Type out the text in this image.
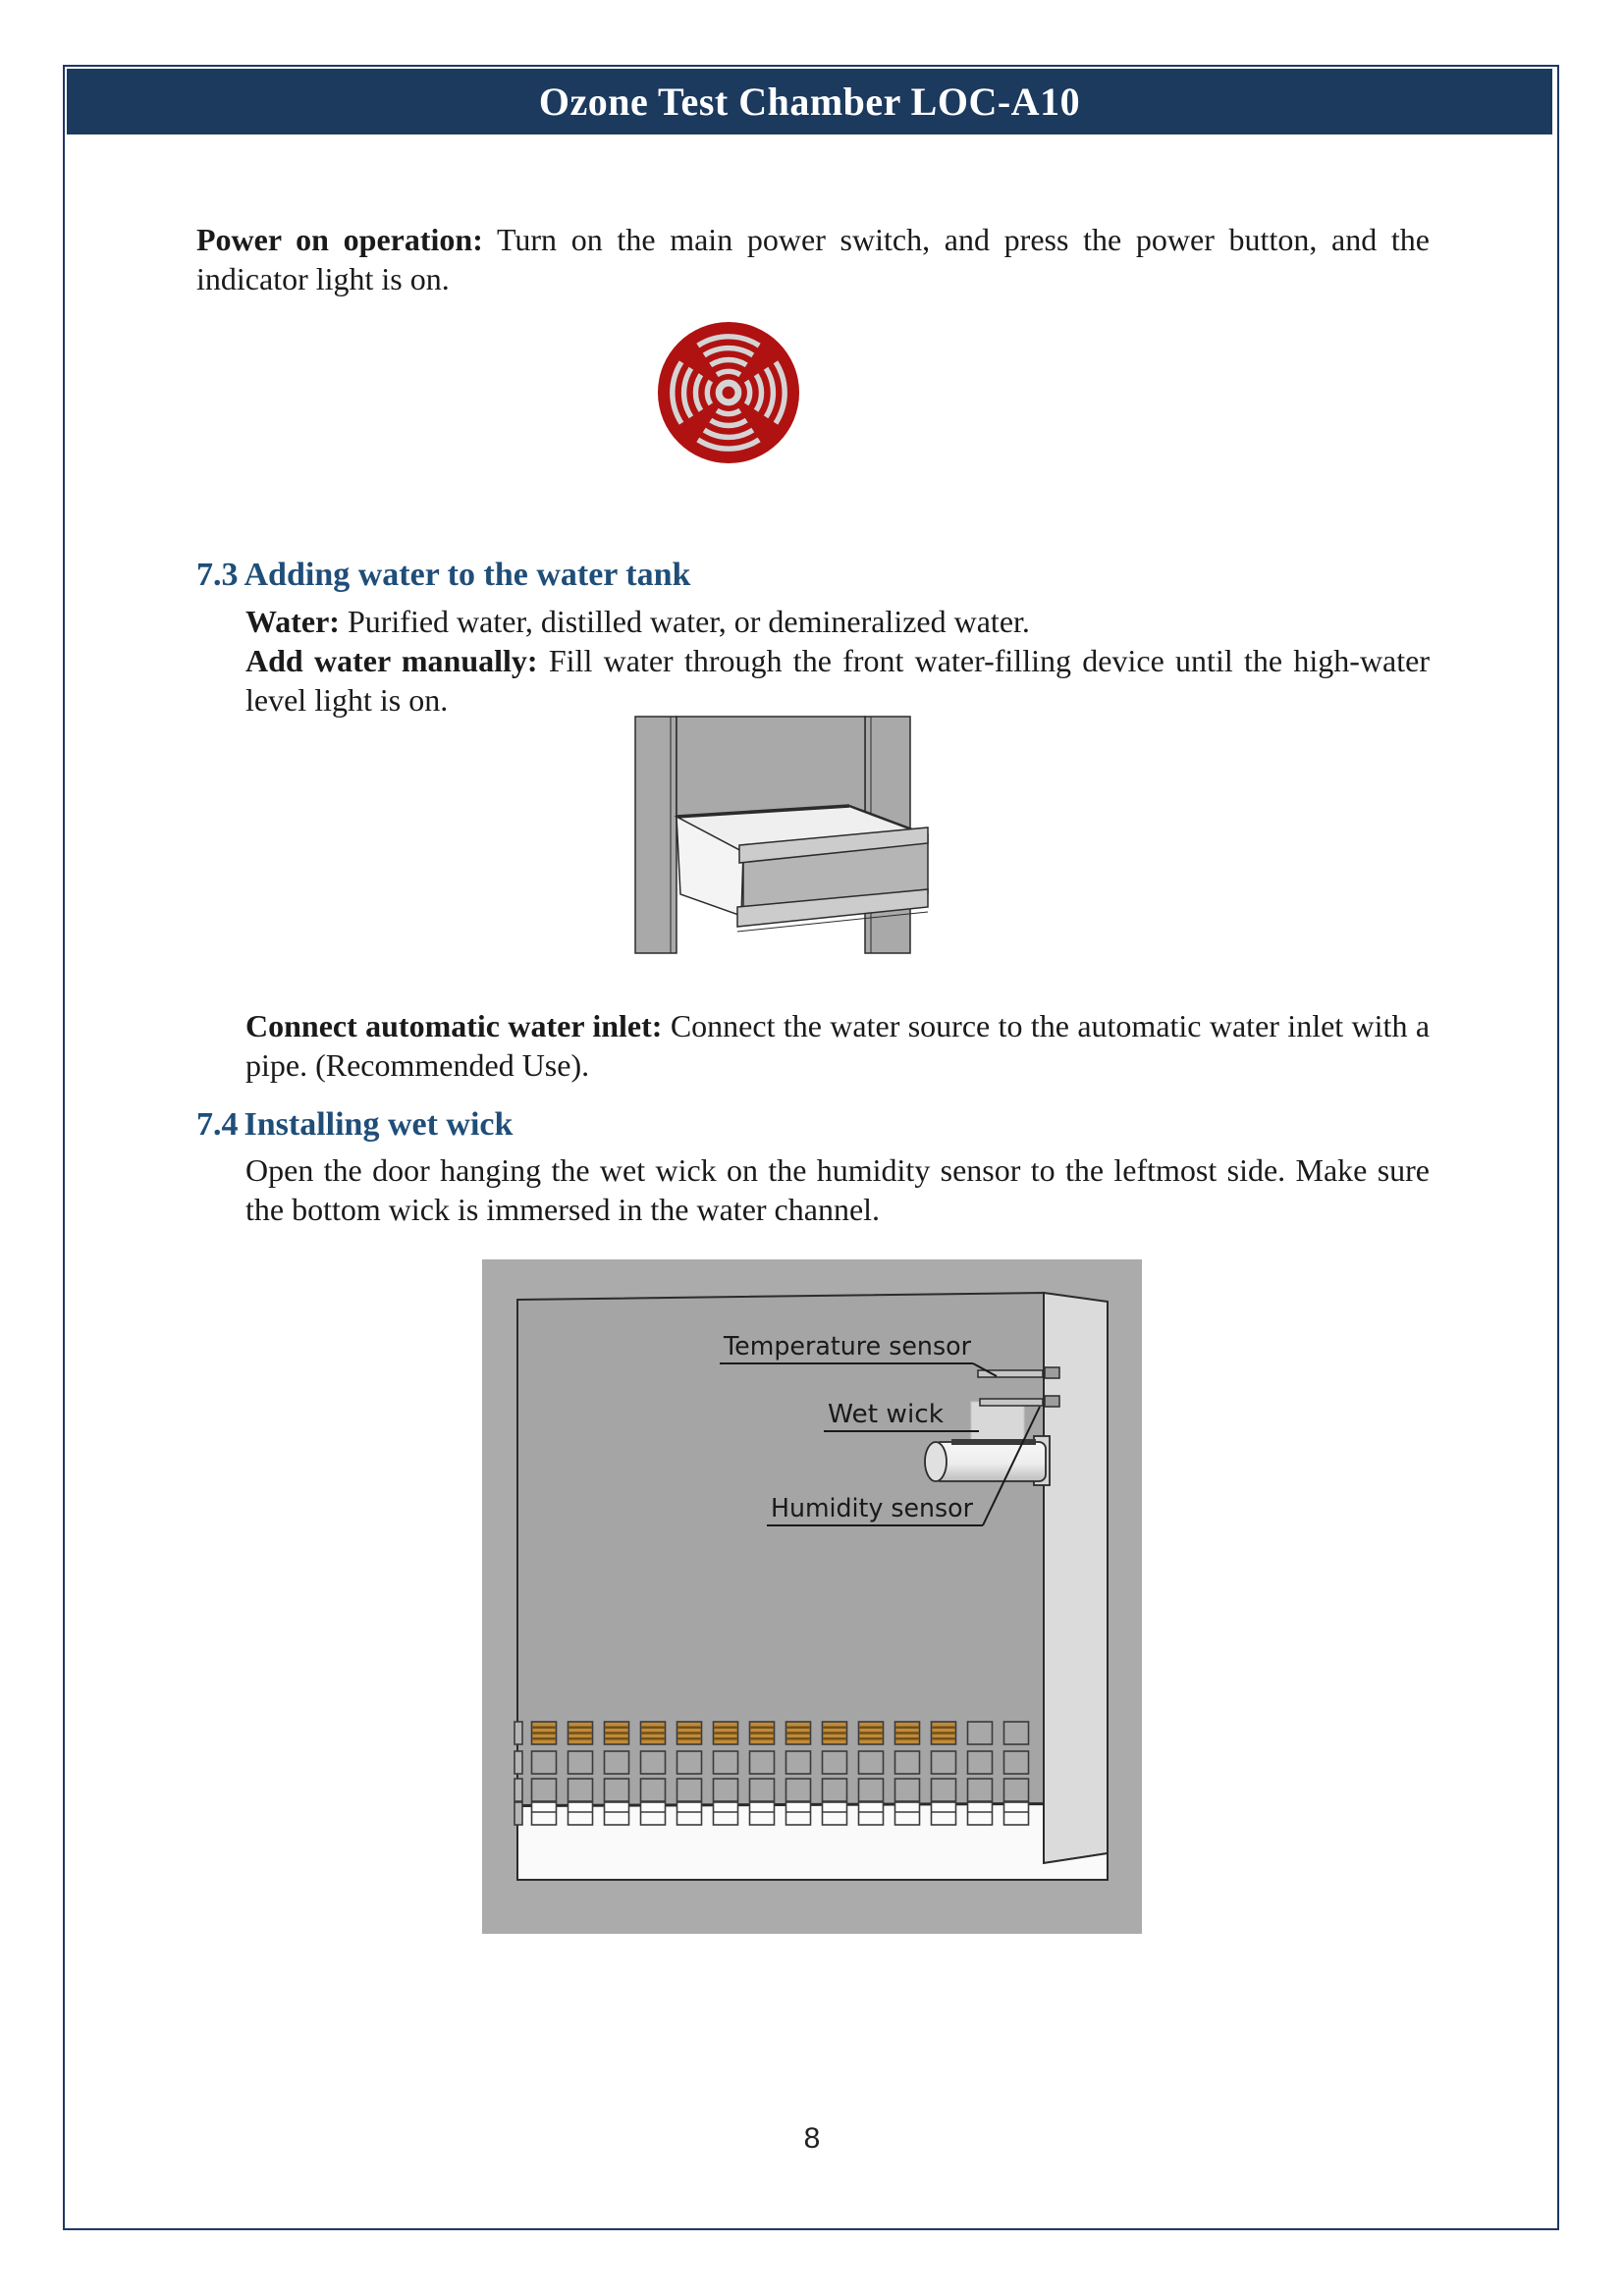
Ozone Test Chamber LOC-A10

Power on operation: Turn on the main power switch, and press the power button, and the indicator light is on.

7.3 Adding water to the water tank

Water: Purified water, distilled water, or demineralized water.

Add water manually: Fill water through the front water-filling device until the high-water level light is on.

Connect automatic water inlet: Connect the water source to the automatic water inlet with a pipe. (Recommended Use).

7.4 Installing wet wick

Open the door hanging the wet wick on the humidity sensor to the leftmost side. Make sure the bottom wick is immersed in the water channel.

Temperature sensor
Wet wick
Humidity sensor
8
